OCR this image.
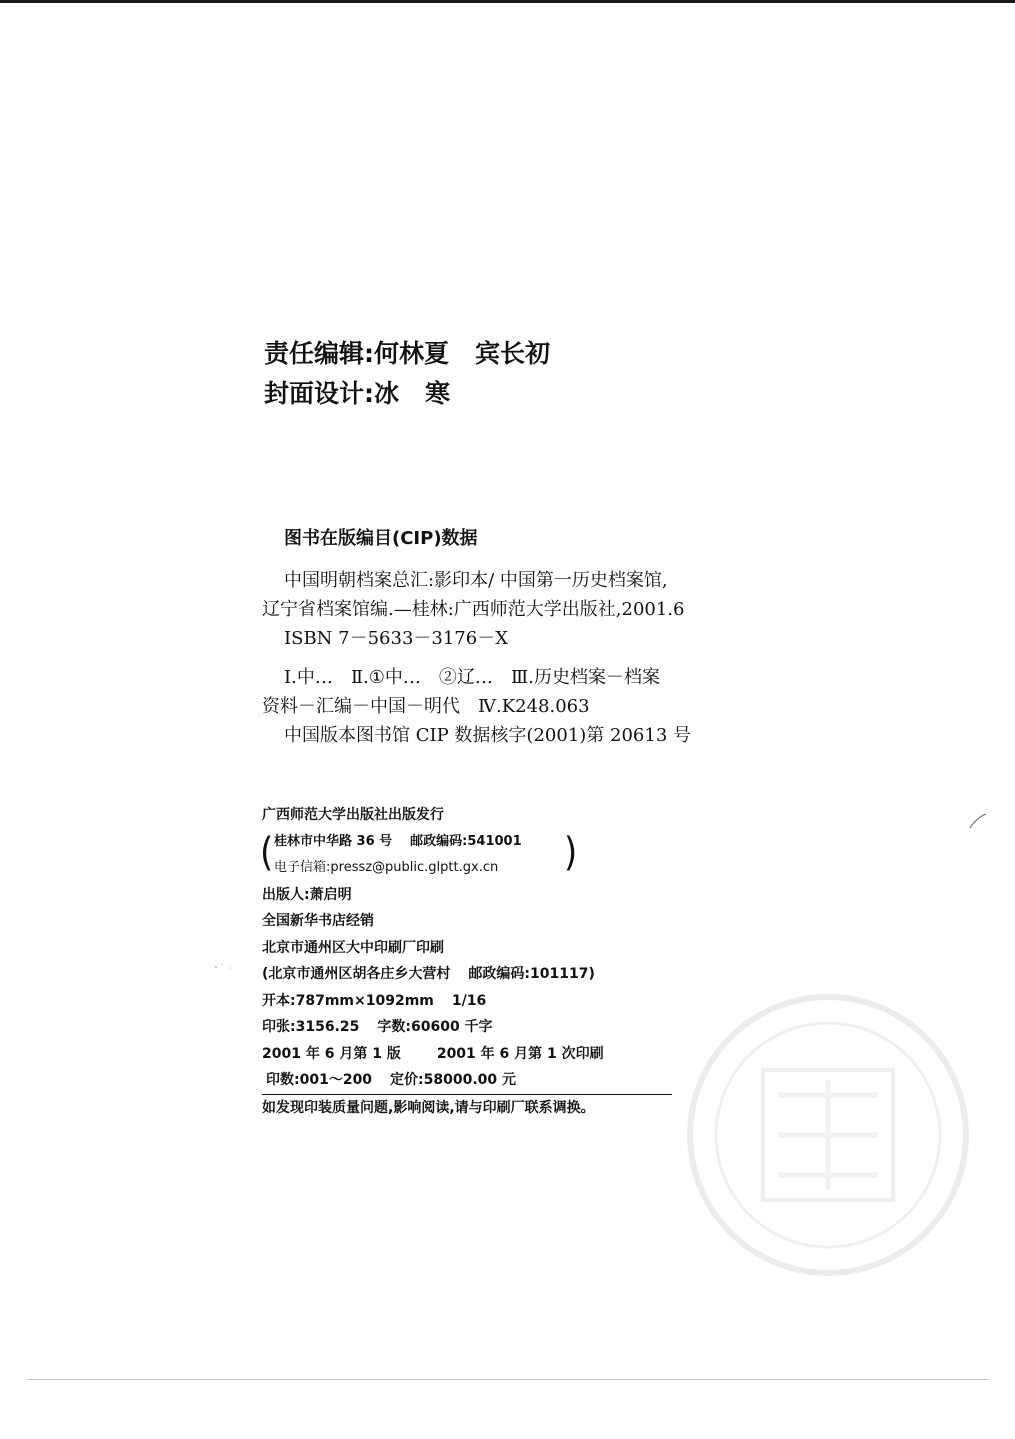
责任编辑:何林夏 宾长初
封面设计:冰 寒
图书在版编目(CIP)数据
中国明朝档案总汇:影印本/ 中国第一历史档案馆,
辽宁省档案馆编.—桂林:广西师范大学出版社,2001.6
ISBN 7－5633－3176－X
Ⅰ.中…　Ⅱ.①中…　②辽…　Ⅲ.历史档案－档案
资料－汇编－中国－明代　Ⅳ.K248.063
中国版本图书馆 CIP 数据核字(2001)第 20613 号
广西师范大学出版社出版发行
( 桂林市中华路 36 号 邮政编码:541001
电子信箱:pressz@public.glptt.gx.cn	)
出版人:萧启明
全国新华书店经销
北京市通州区大中印刷厂印刷
(北京市通州区胡各庄乡大营村 邮政编码:101117)
开本:787mm×1092mm 1/16
印张:3156.25 字数:60600 千字
2001 年 6 月第 1 版	2001 年 6 月第 1 次印刷
印数:001～200 定价:58000.00 元
如发现印装质量问题,影响阅读,请与印刷厂联系调换。
